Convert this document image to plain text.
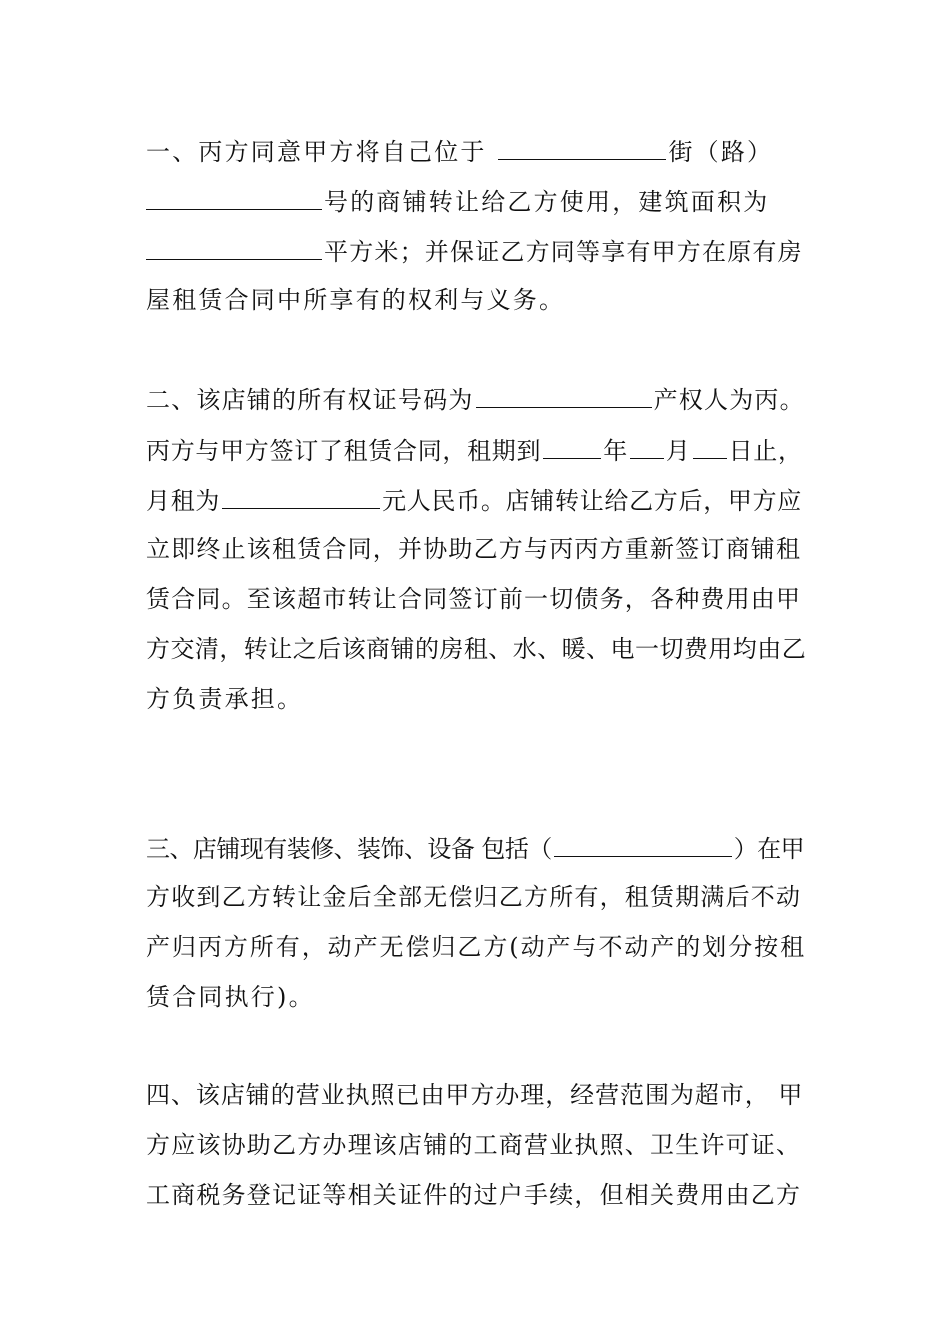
一、丙方同意甲方将自己位于	街（路）
号的商铺转让给乙方使用，建筑面积为
平方米；并保证乙方同等享有甲方在原有房
屋租赁合同中所享有的权利与义务。
二、该店铺的所有权证号码为	产权人为丙。
丙方与甲方签订了租赁合同，租期到	年 月 日止，
月租为	元人民币。店铺转让给乙方后，甲方应
立即终止该租赁合同，并协助乙方与丙丙方重新签订商铺租
赁合同。至该超市转让合同签订前一切债务，各种费用由甲
方交清，转让之后该商铺的房租、水、暖、电一切费用均由乙
方负责承担。
三、店铺现有装修、装饰、设备 包括（	）在甲
方收到乙方转让金后全部无偿归乙方所有，租赁期满后不动
产归丙方所有，动产无偿归乙方(动产与不动产的划分按租
赁合同执行)。
四、该店铺的营业执照已由甲方办理，经营范围为超市， 甲
方应该协助乙方办理该店铺的工商营业执照、卫生许可证、
工商税务登记证等相关证件的过户手续，但相关费用由乙方
